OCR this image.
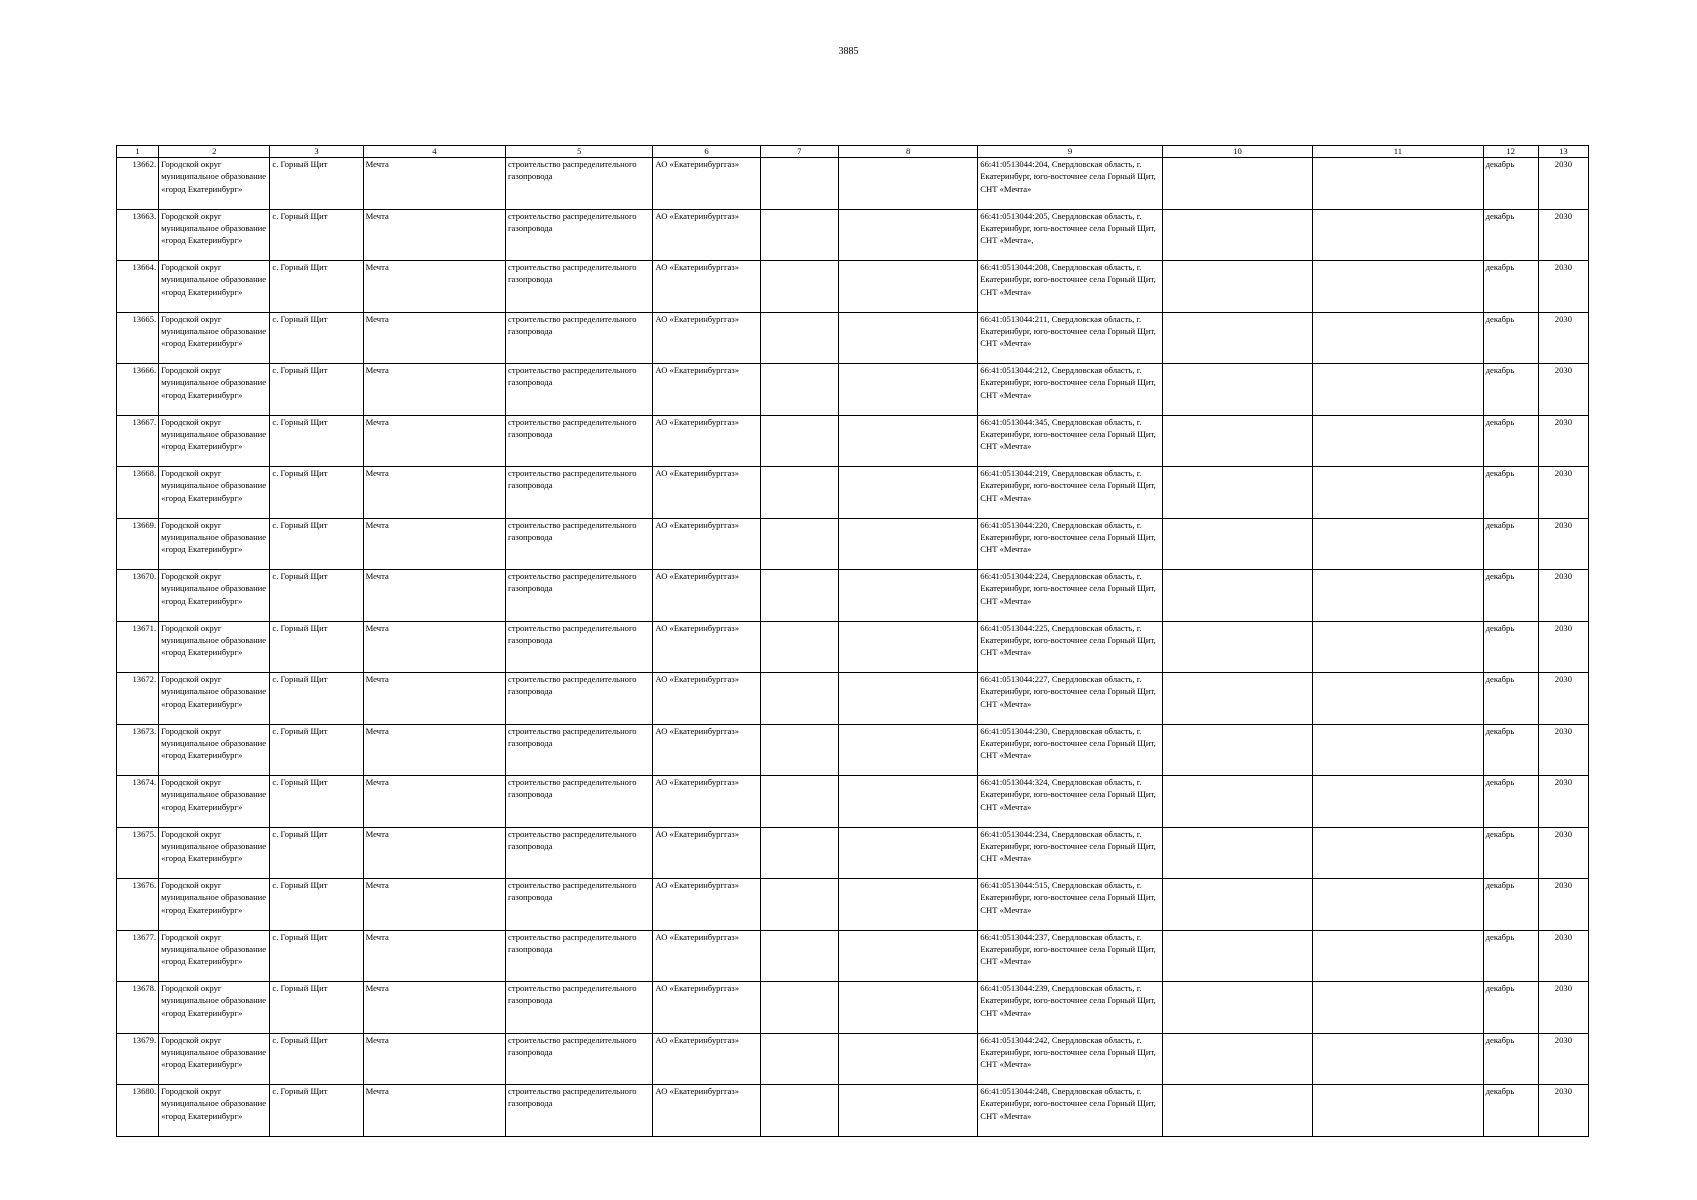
3885
1	2	3	4	5	6	7	8	9	10	11	12	13
13662.	Городской округ муниципальное образование «город Екатеринбург»	с. Горный Щит	Мечта	строительство распределительного газопровода	АО «Екатеринбурггаз»			66:41:0513044:204, Свердловская область, г. Екатеринбург, юго-восточнее села Горный Щит, СНТ «Мечта»			декабрь	2030
13663.	Городской округ муниципальное образование «город Екатеринбург»	с. Горный Щит	Мечта	строительство распределительного газопровода	АО «Екатеринбурггаз»			66:41:0513044:205, Свердловская область, г. Екатеринбург, юго-восточнее села Горный Щит, СНТ «Мечта»,			декабрь	2030
13664.	Городской округ муниципальное образование «город Екатеринбург»	с. Горный Щит	Мечта	строительство распределительного газопровода	АО «Екатеринбурггаз»			66:41:0513044:208, Свердловская область, г. Екатеринбург, юго-восточнее села Горный Щит, СНТ «Мечта»			декабрь	2030
13665.	Городской округ муниципальное образование «город Екатеринбург»	с. Горный Щит	Мечта	строительство распределительного газопровода	АО «Екатеринбурггаз»			66:41:0513044:211, Свердловская область, г. Екатеринбург, юго-восточнее села Горный Щит, СНТ «Мечта»			декабрь	2030
13666.	Городской округ муниципальное образование «город Екатеринбург»	с. Горный Щит	Мечта	строительство распределительного газопровода	АО «Екатеринбурггаз»			66:41:0513044:212, Свердловская область, г. Екатеринбург, юго-восточнее села Горный Щит, СНТ «Мечта»			декабрь	2030
13667.	Городской округ муниципальное образование «город Екатеринбург»	с. Горный Щит	Мечта	строительство распределительного газопровода	АО «Екатеринбурггаз»			66:41:0513044:345, Свердловская область, г. Екатеринбург, юго-восточнее села Горный Щит, СНТ «Мечта»			декабрь	2030
13668.	Городской округ муниципальное образование «город Екатеринбург»	с. Горный Щит	Мечта	строительство распределительного газопровода	АО «Екатеринбурггаз»			66:41:0513044:219, Свердловская область, г. Екатеринбург, юго-восточнее села Горный Щит, СНТ «Мечта»			декабрь	2030
13669.	Городской округ муниципальное образование «город Екатеринбург»	с. Горный Щит	Мечта	строительство распределительного газопровода	АО «Екатеринбурггаз»			66:41:0513044:220, Свердловская область, г. Екатеринбург, юго-восточнее села Горный Щит, СНТ «Мечта»			декабрь	2030
13670.	Городской округ муниципальное образование «город Екатеринбург»	с. Горный Щит	Мечта	строительство распределительного газопровода	АО «Екатеринбурггаз»			66:41:0513044:224, Свердловская область, г. Екатеринбург, юго-восточнее села Горный Щит, СНТ «Мечта»			декабрь	2030
13671.	Городской округ муниципальное образование «город Екатеринбург»	с. Горный Щит	Мечта	строительство распределительного газопровода	АО «Екатеринбурггаз»			66:41:0513044:225, Свердловская область, г. Екатеринбург, юго-восточнее села Горный Щит, СНТ «Мечта»			декабрь	2030
13672.	Городской округ муниципальное образование «город Екатеринбург»	с. Горный Щит	Мечта	строительство распределительного газопровода	АО «Екатеринбурггаз»			66:41:0513044:227, Свердловская область, г. Екатеринбург, юго-восточнее села Горный Щит, СНТ «Мечта»			декабрь	2030
13673.	Городской округ муниципальное образование «город Екатеринбург»	с. Горный Щит	Мечта	строительство распределительного газопровода	АО «Екатеринбурггаз»			66:41:0513044:230, Свердловская область, г. Екатеринбург, юго-восточнее села Горный Щит, СНТ «Мечта»			декабрь	2030
13674.	Городской округ муниципальное образование «город Екатеринбург»	с. Горный Щит	Мечта	строительство распределительного газопровода	АО «Екатеринбурггаз»			66:41:0513044:324, Свердловская область, г. Екатеринбург, юго-восточнее села Горный Щит, СНТ «Мечта»			декабрь	2030
13675.	Городской округ муниципальное образование «город Екатеринбург»	с. Горный Щит	Мечта	строительство распределительного газопровода	АО «Екатеринбурггаз»			66:41:0513044:234, Свердловская область, г. Екатеринбург, юго-восточнее села Горный Щит, СНТ «Мечта»			декабрь	2030
13676.	Городской округ муниципальное образование «город Екатеринбург»	с. Горный Щит	Мечта	строительство распределительного газопровода	АО «Екатеринбурггаз»			66:41:0513044:515, Свердловская область, г. Екатеринбург, юго-восточнее села Горный Щит, СНТ «Мечта»			декабрь	2030
13677.	Городской округ муниципальное образование «город Екатеринбург»	с. Горный Щит	Мечта	строительство распределительного газопровода	АО «Екатеринбурггаз»			66:41:0513044:237, Свердловская область, г. Екатеринбург, юго-восточнее села Горный Щит, СНТ «Мечта»			декабрь	2030
13678.	Городской округ муниципальное образование «город Екатеринбург»	с. Горный Щит	Мечта	строительство распределительного газопровода	АО «Екатеринбурггаз»			66:41:0513044:239, Свердловская область, г. Екатеринбург, юго-восточнее села Горный Щит, СНТ «Мечта»			декабрь	2030
13679.	Городской округ муниципальное образование «город Екатеринбург»	с. Горный Щит	Мечта	строительство распределительного газопровода	АО «Екатеринбурггаз»			66:41:0513044:242, Свердловская область, г. Екатеринбург, юго-восточнее села Горный Щит, СНТ «Мечта»			декабрь	2030
13680.	Городской округ муниципальное образование «город Екатеринбург»	с. Горный Щит	Мечта	строительство распределительного газопровода	АО «Екатеринбурггаз»			66:41:0513044:248, Свердловская область, г. Екатеринбург, юго-восточнее села Горный Щит, СНТ «Мечта»			декабрь	2030
